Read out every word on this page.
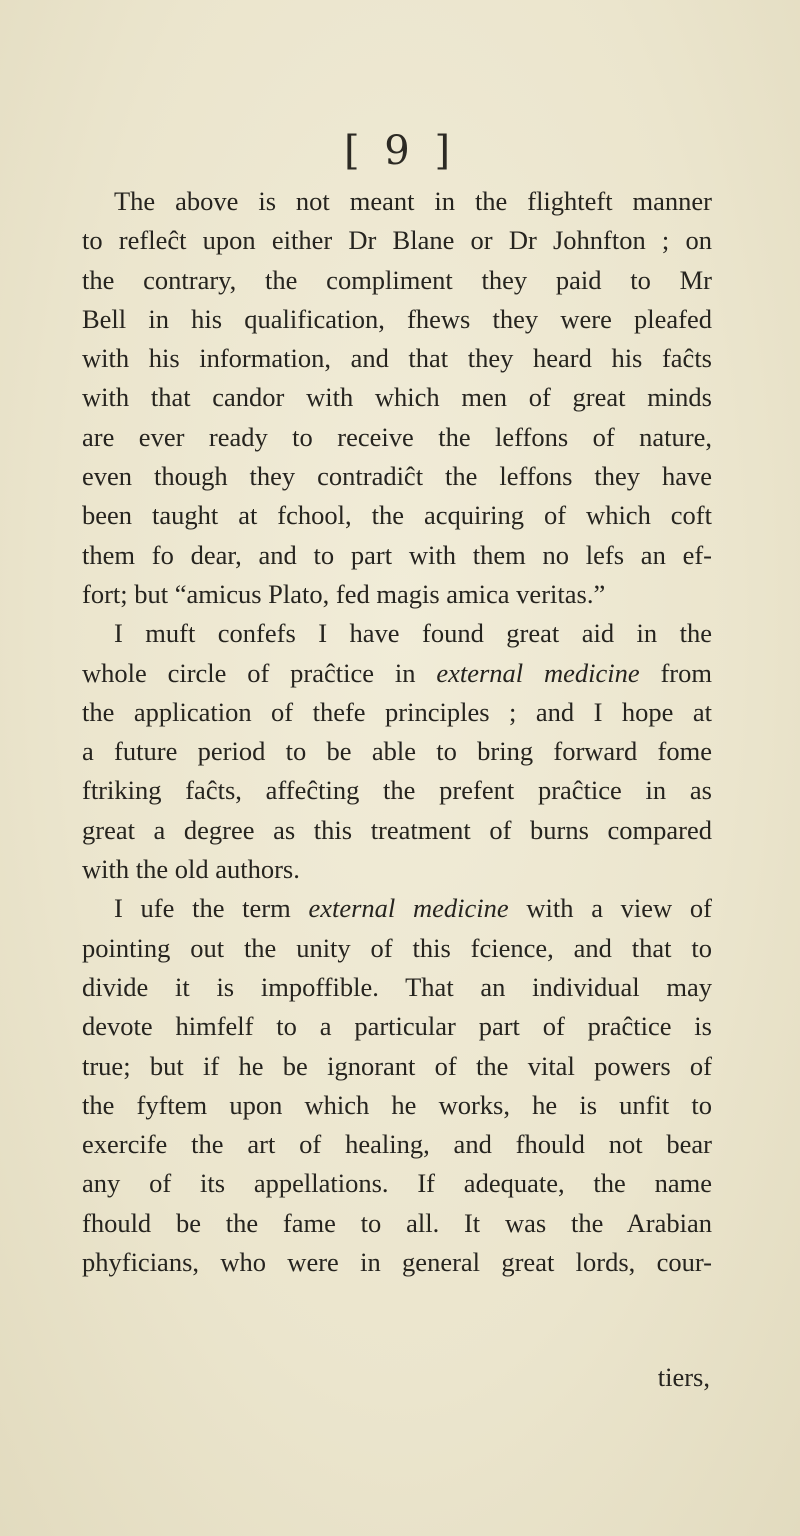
[ 9 ]
The above is not meant in the flighteft manner
to refleĉt upon either Dr Blane or Dr Johnfton ; on
the contrary, the compliment they paid to Mr
Bell in his qualification, fhews they were pleafed
with his information, and that they heard his faĉts
with that candor with which men of great minds
are ever ready to receive the leffons of nature,
even though they contradiĉt the leffons they have
been taught at fchool, the acquiring of which coft
them fo dear, and to part with them no lefs an ef-
fort; but “amicus Plato, fed magis amica veritas.”
I muft confefs I have found great aid in the
whole circle of praĉtice in external medicine from
the application of thefe principles ; and I hope at
a future period to be able to bring forward fome
ftriking faĉts, affeĉting the prefent praĉtice in as
great a degree as this treatment of burns compared
with the old authors.
I ufe the term external medicine with a view of
pointing out the unity of this fcience, and that to
divide it is impoffible. That an individual may
devote himfelf to a particular part of praĉtice is
true; but if he be ignorant of the vital powers of
the fyftem upon which he works, he is unfit to
exercife the art of healing, and fhould not bear
any of its appellations. If adequate, the name
fhould be the fame to all. It was the Arabian
phyficians, who were in general great lords, cour-
tiers,
